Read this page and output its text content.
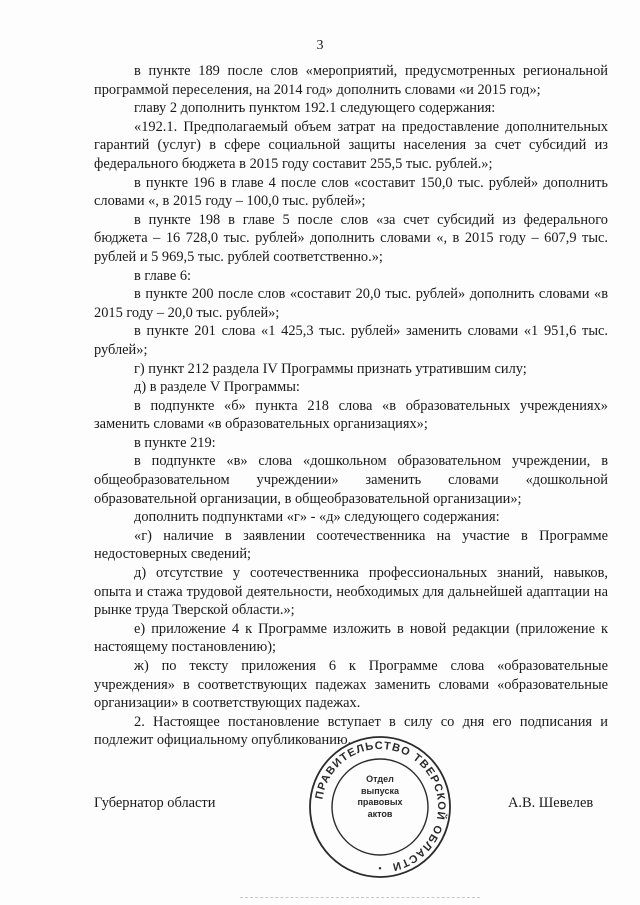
3

в пункте 189 после слов «мероприятий, предусмотренных региональной программой переселения, на 2014 год» дополнить словами «и 2015 год»;

главу 2 дополнить пунктом 192.1 следующего содержания:

«192.1. Предполагаемый объем затрат на предоставление дополнительных гарантий (услуг) в сфере социальной защиты населения за счет субсидий из федерального бюджета в 2015 году составит 255,5 тыс. рублей.»;

в пункте 196 в главе 4 после слов «составит 150,0 тыс. рублей» дополнить словами «, в 2015 году – 100,0 тыс. рублей»;

в пункте 198 в главе 5 после слов «за счет субсидий из федерального бюджета – 16 728,0 тыс. рублей» дополнить словами «, в 2015 году – 607,9 тыс. рублей и 5 969,5 тыс. рублей соответственно.»;

в главе 6:

в пункте 200 после слов «составит 20,0 тыс. рублей» дополнить словами «в 2015 году – 20,0 тыс. рублей»;

в пункте 201 слова «1 425,3 тыс. рублей» заменить словами «1 951,6 тыс. рублей»;

г) пункт 212 раздела IV Программы признать утратившим силу;

д) в разделе V Программы:

в подпункте «б» пункта 218 слова «в образовательных учреждениях» заменить словами «в образовательных организациях»;

в пункте 219:

в подпункте «в» слова «дошкольном образовательном учреждении, в общеобразовательном учреждении» заменить словами «дошкольной образовательной организации, в общеобразовательной организации»;

дополнить подпунктами «г» - «д» следующего содержания:

«г) наличие в заявлении соотечественника на участие в Программе недостоверных сведений;

д) отсутствие у соотечественника профессиональных знаний, навыков, опыта и стажа трудовой деятельности, необходимых для дальнейшей адаптации на рынке труда Тверской области.»;

е) приложение 4 к Программе изложить в новой редакции (приложение к настоящему постановлению);

ж) по тексту приложения 6 к Программе слова «образовательные учреждения» в соответствующих падежах заменить словами «образовательные организации» в соответствующих падежах.

2. Настоящее постановление вступает в силу со дня его подписания и подлежит официальному опубликованию.

Губернатор области	А.В. Шевелев
ПРАВИТЕЛЬСТВО ТВЕРСКОЙ ОБЛАСТИ
•
Отдел
выпуска
правовых
актов
